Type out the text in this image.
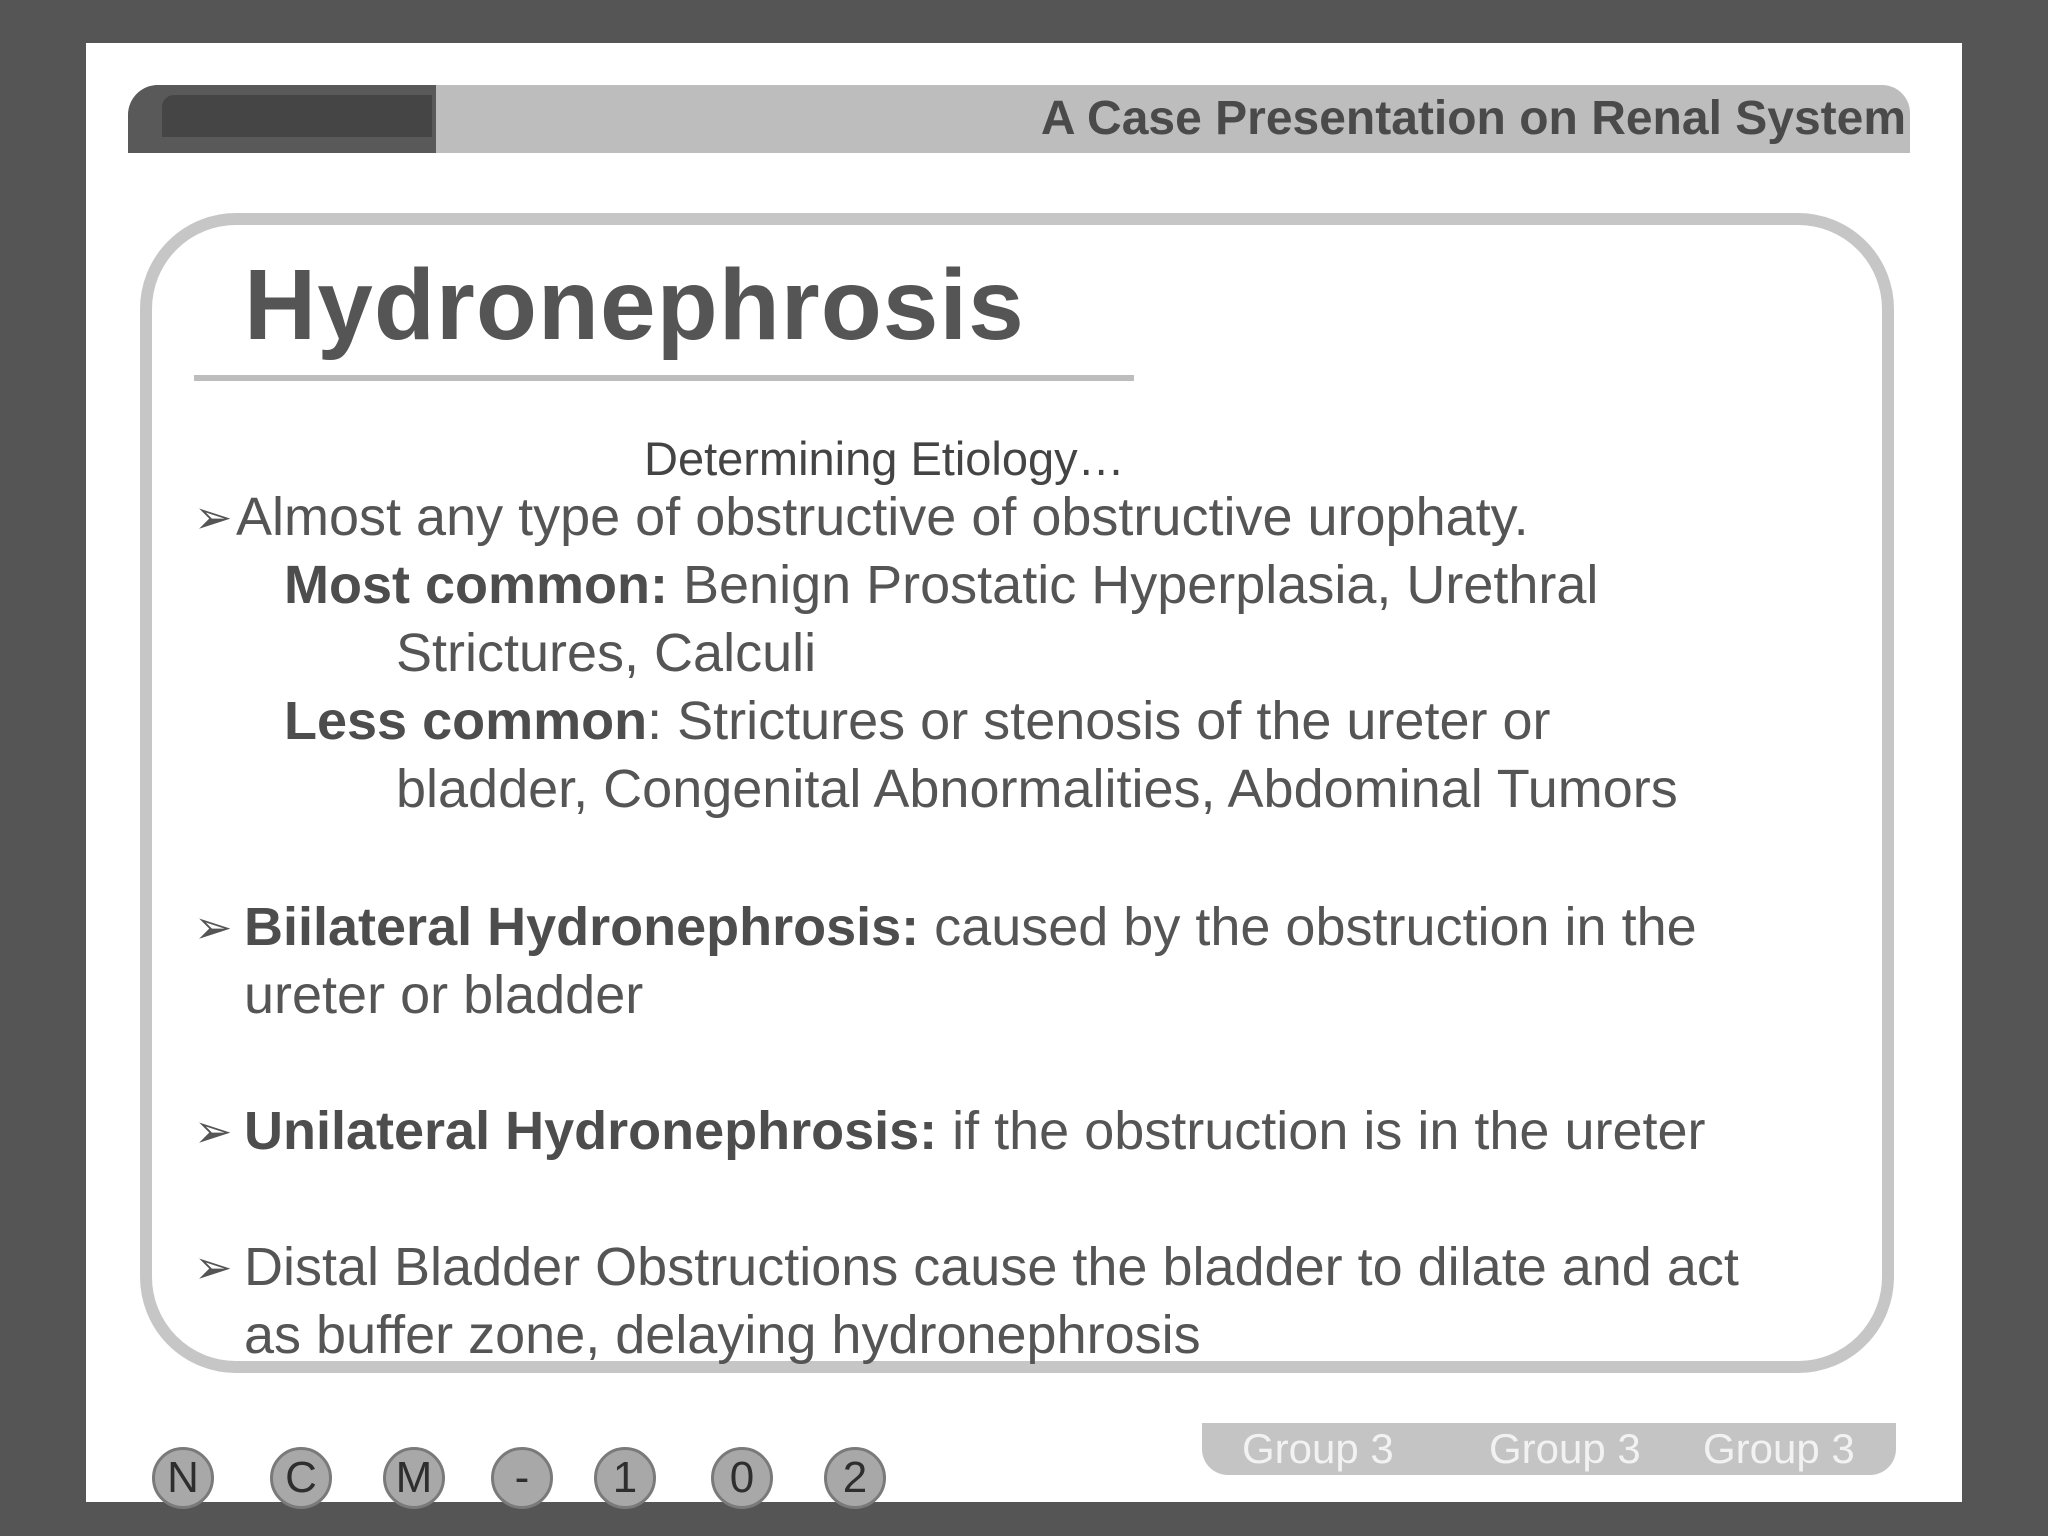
A Case Presentation on Renal System
Hydronephrosis
Determining Etiology…
➢ Almost any type of obstructive of obstructive urophaty.
Most common: Benign Prostatic Hyperplasia, Urethral
Strictures, Calculi
Less common: Strictures or stenosis of the ureter or
bladder, Congenital Abnormalities, Abdominal Tumors
➢ Biilateral Hydronephrosis: caused by the obstruction in the
ureter or bladder
➢ Unilateral Hydronephrosis: if the obstruction is in the ureter
➢ Distal Bladder Obstructions cause the bladder to dilate and act
as buffer zone, delaying hydronephrosis
N	C	M	-	1	0	2
Group 3 Group 3 Group 3
